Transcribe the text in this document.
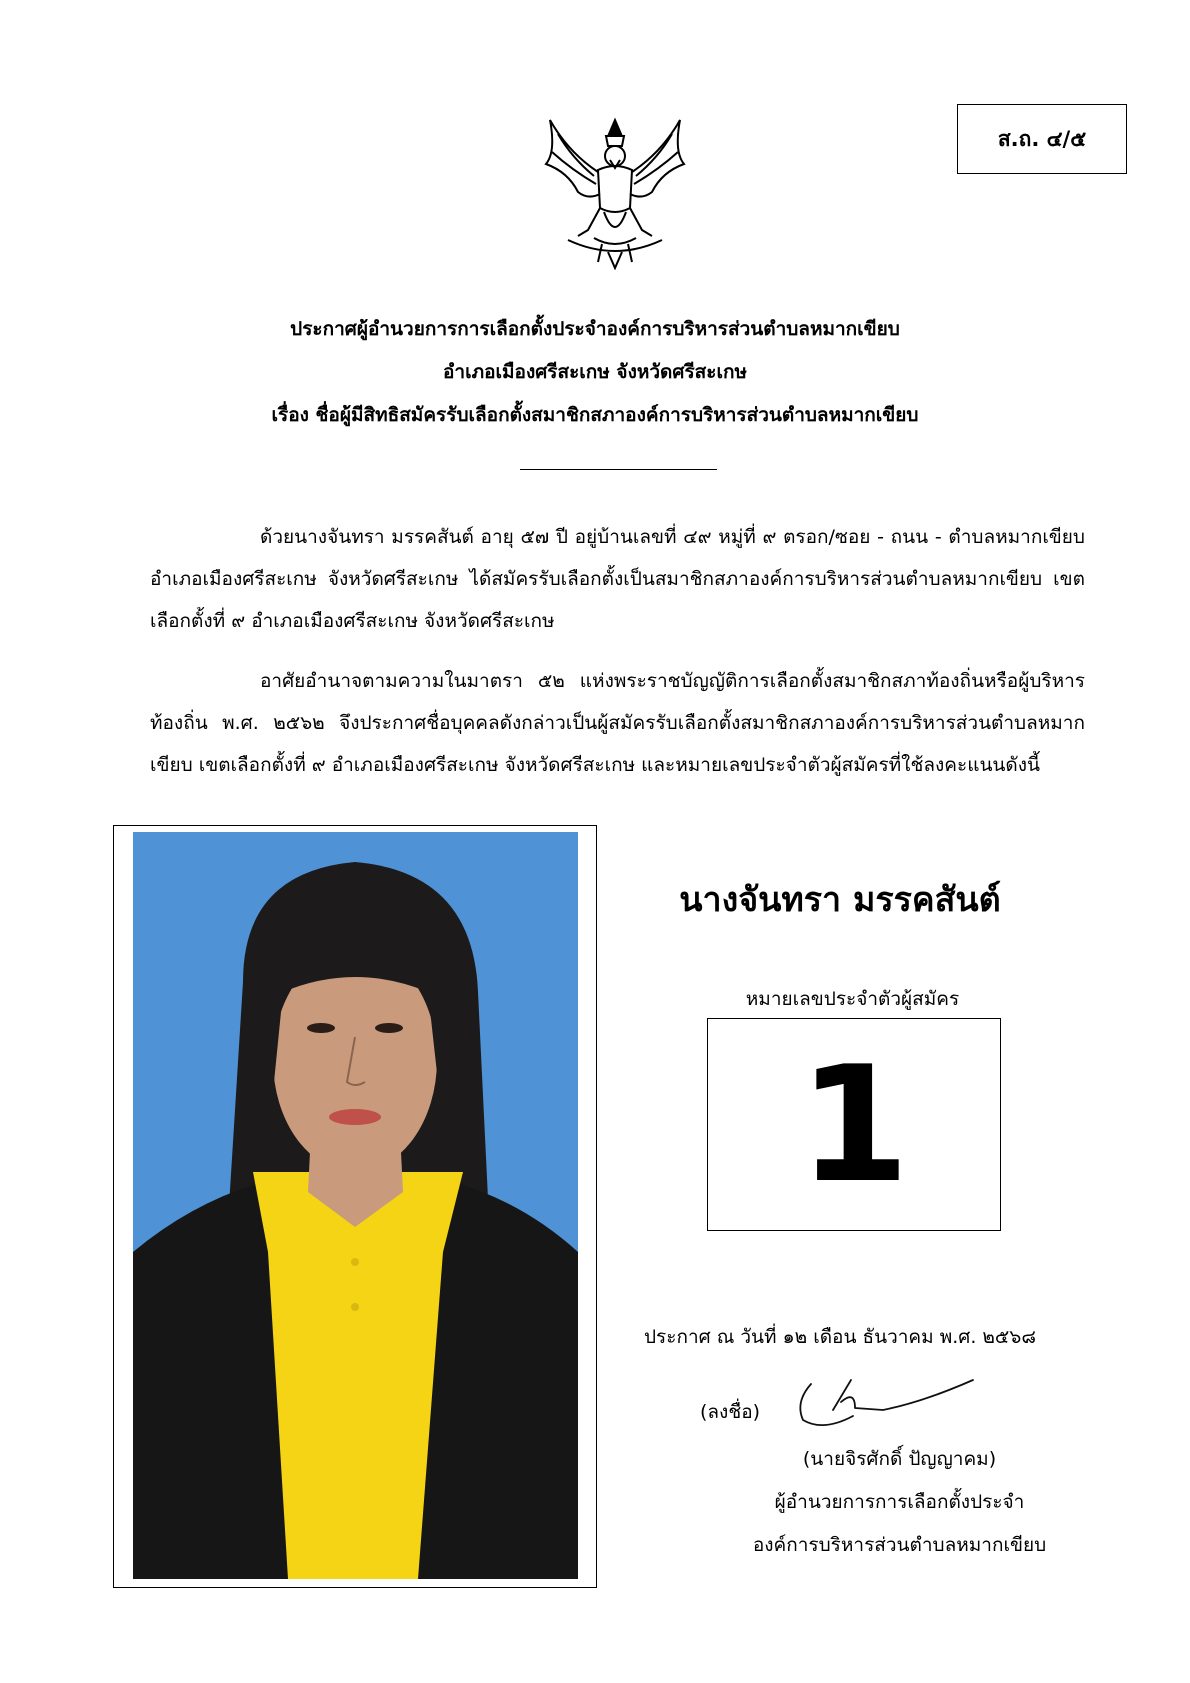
ส.ถ. ๔/๕
ประกาศผู้อำนวยการการเลือกตั้งประจำองค์การบริหารส่วนตำบลหมากเขียบ
อำเภอเมืองศรีสะเกษ จังหวัดศรีสะเกษ
เรื่อง ชื่อผู้มีสิทธิสมัครรับเลือกตั้งสมาชิกสภาองค์การบริหารส่วนตำบลหมากเขียบ

ด้วยนางจันทรา มรรคสันต์ อายุ ๕๗ ปี อยู่บ้านเลขที่ ๔๙ หมู่ที่ ๙ ตรอก/ซอย - ถนน - ตำบลหมากเขียบ อำเภอเมืองศรีสะเกษ จังหวัดศรีสะเกษ ได้สมัครรับเลือกตั้งเป็นสมาชิกสภาองค์การบริหารส่วนตำบลหมากเขียบ เขตเลือกตั้งที่ ๙ อำเภอเมืองศรีสะเกษ จังหวัดศรีสะเกษ

อาศัยอำนาจตามความในมาตรา ๕๒ แห่งพระราชบัญญัติการเลือกตั้งสมาชิกสภาท้องถิ่นหรือผู้บริหารท้องถิ่น พ.ศ. ๒๕๖๒ จึงประกาศชื่อบุคคลดังกล่าวเป็นผู้สมัครรับเลือกตั้งสมาชิกสภาองค์การบริหารส่วนตำบลหมากเขียบ เขตเลือกตั้งที่ ๙ อำเภอเมืองศรีสะเกษ จังหวัดศรีสะเกษ และหมายเลขประจำตัวผู้สมัครที่ใช้ลงคะแนนดังนี้

นางจันทรา มรรคสันต์
หมายเลขประจำตัวผู้สมัคร
1
ประกาศ ณ วันที่ ๑๒ เดือน ธันวาคม พ.ศ. ๒๕๖๘
(ลงชื่อ)
(นายจิรศักดิ์ ปัญญาคม)
ผู้อำนวยการการเลือกตั้งประจำ
องค์การบริหารส่วนตำบลหมากเขียบ
